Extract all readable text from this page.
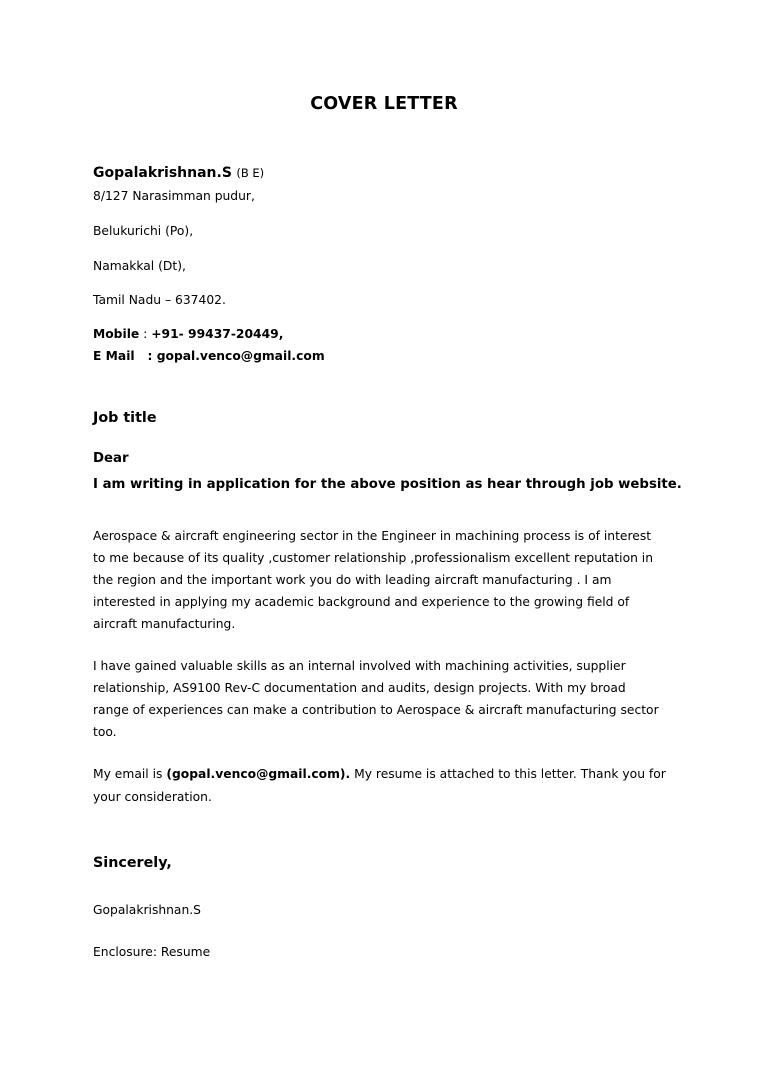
COVER LETTER
Gopalakrishnan.S (B E)
8/127 Narasimman pudur,
Belukurichi (Po),
Namakkal (Dt),
Tamil Nadu – 637402.
Mobile : +91- 99437-20449,
E Mail   : gopal.venco@gmail.com
Job title
Dear
I am writing in application for the above position as hear through job website.
Aerospace & aircraft engineering sector in the Engineer in machining process is of interest
to me because of its quality ,customer relationship ,professionalism excellent reputation in
the region and the important work you do with leading aircraft manufacturing . I am
interested in applying my academic background and experience to the growing field of
aircraft manufacturing.
I have gained valuable skills as an internal involved with machining activities, supplier
relationship, AS9100 Rev-C documentation and audits, design projects. With my broad
range of experiences can make a contribution to Aerospace & aircraft manufacturing sector
too.
My email is (gopal.venco@gmail.com). My resume is attached to this letter. Thank you for
your consideration.
Sincerely,
Gopalakrishnan.S
Enclosure: Resume
